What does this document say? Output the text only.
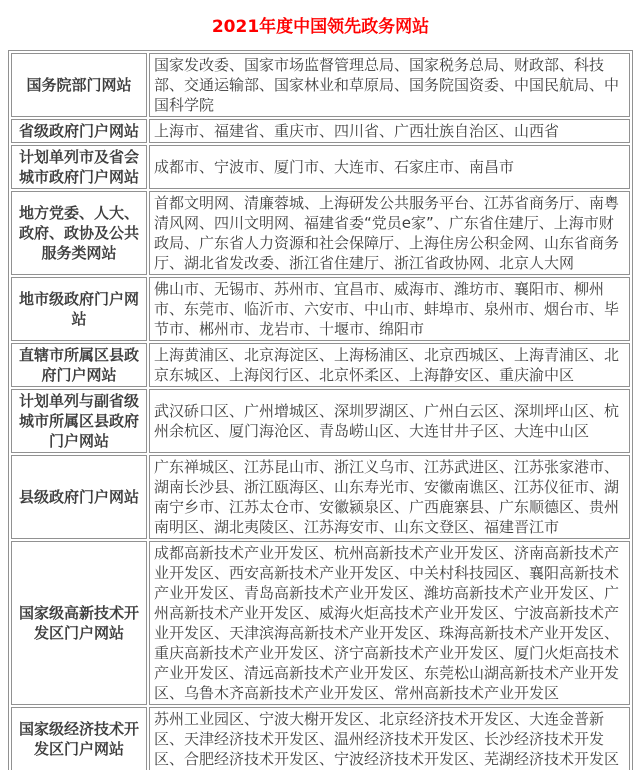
2021年度中国领先政务网站
国务院部门网站	国家发改委、国家市场监督管理总局、国家税务总局、财政部、科技部、交通运输部、国家林业和草原局、国务院国资委、中国民航局、中国科学院
省级政府门户网站	上海市、福建省、重庆市、四川省、广西壮族自治区、山西省
计划单列市及省会城市政府门户网站	成都市、宁波市、厦门市、大连市、石家庄市、南昌市
地方党委、人大、政府、政协及公共服务类网站	首都文明网、清廉蓉城、上海研发公共服务平台、江苏省商务厅、南粤清风网、四川文明网、福建省委“党员e家”、广东省住建厅、上海市财政局、广东省人力资源和社会保障厅、上海住房公积金网、山东省商务厅、湖北省发改委、浙江省住建厅、浙江省政协网、北京人大网
地市级政府门户网站	佛山市、无锡市、苏州市、宜昌市、威海市、潍坊市、襄阳市、柳州市、东莞市、临沂市、六安市、中山市、蚌埠市、泉州市、烟台市、毕节市、郴州市、龙岩市、十堰市、绵阳市
直辖市所属区县政府门户网站	上海黄浦区、北京海淀区、上海杨浦区、北京西城区、上海青浦区、北京东城区、上海闵行区、北京怀柔区、上海静安区、重庆渝中区
计划单列与副省级城市所属区县政府门户网站	武汉硚口区、广州增城区、深圳罗湖区、广州白云区、深圳坪山区、杭州余杭区、厦门海沧区、青岛崂山区、大连甘井子区、大连中山区
县级政府门户网站	广东禅城区、江苏昆山市、浙江义乌市、江苏武进区、江苏张家港市、湖南长沙县、浙江瓯海区、山东寿光市、安徽南谯区、江苏仪征市、湖南宁乡市、江苏太仓市、安徽颍泉区、广西鹿寨县、广东顺德区、贵州南明区、湖北夷陵区、江苏海安市、山东文登区、福建晋江市
国家级高新技术开发区门户网站	成都高新技术产业开发区、杭州高新技术产业开发区、济南高新技术产业开发区、西安高新技术产业开发区、中关村科技园区、襄阳高新技术产业开发区、青岛高新技术产业开发区、潍坊高新技术产业开发区、广州高新技术产业开发区、威海火炬高技术产业开发区、宁波高新技术产业开发区、天津滨海高新技术产业开发区、珠海高新技术产业开发区、重庆高新技术产业开发区、济宁高新技术产业开发区、厦门火炬高技术产业开发区、清远高新技术产业开发区、东莞松山湖高新技术产业开发区、乌鲁木齐高新技术产业开发区、常州高新技术产业开发区
国家级经济技术开发区门户网站	苏州工业园区、宁波大榭开发区、北京经济技术开发区、大连金普新区、天津经济技术开发区、温州经济技术开发区、长沙经济技术开发区、合肥经济技术开发区、宁波经济技术开发区、芜湖经济技术开发区
